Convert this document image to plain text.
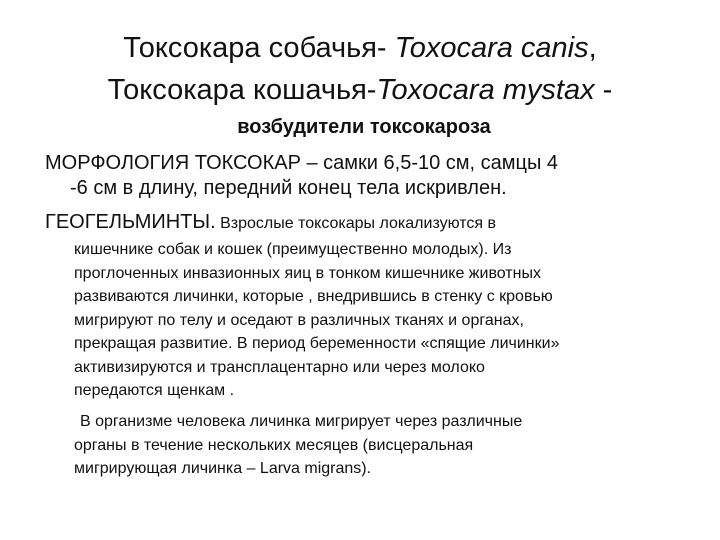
Токсокара собачья- Toxocara canis,
Токсокара кошачья-Toxocara mystax -
возбудители токсокароза

МОРФОЛОГИЯ ТОКСОКАР – самки 6,5-10 см, самцы 4
-6 см в длину, передний конец тела искривлен.

ГЕОГЕЛЬМИНТЫ. Взрослые токсокары локализуются в

кишечнике собак и кошек (преимущественно молодых). Из

проглоченных инвазионных яиц в тонком кишечнике животных

развиваются личинки, которые , внедрившись в стенку с кровью

мигрируют по телу и оседают в различных тканях и органах,

прекращая развитие. В период беременности «спящие личинки»

активизируются и трансплацентарно или через молоко

передаются щенкам .

В организме человека личинка мигрирует через различные

органы в течение нескольких месяцев (висцеральная

мигрирующая личинка – Larva migrans).
